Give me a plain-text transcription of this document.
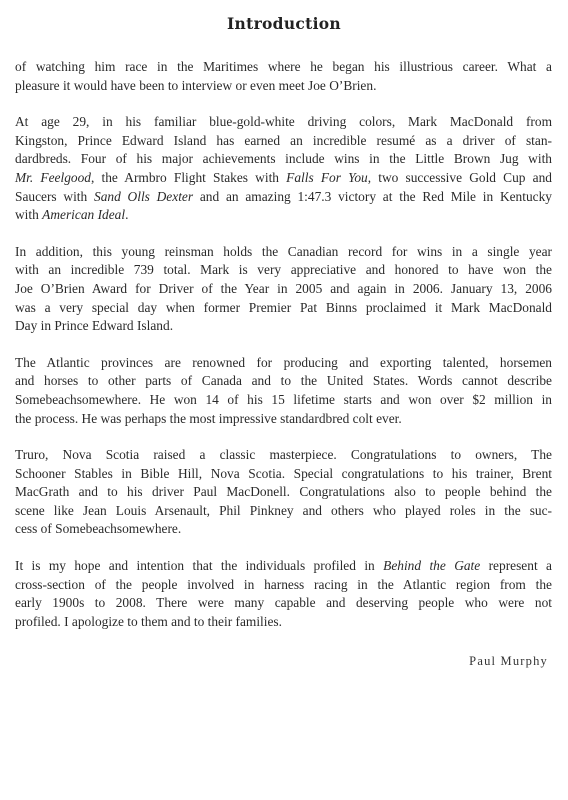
Introduction

of watching him race in the Maritimes where he began his illustrious career. What a
pleasure it would have been to interview or even meet Joe O’Brien.

At age 29, in his familiar blue-gold-white driving colors, Mark MacDonald from
Kingston, Prince Edward Island has earned an incredible resumé as a driver of stan-
dardbreds. Four of his major achievements include wins in the Little Brown Jug with
Mr. Feelgood, the Armbro Flight Stakes with Falls For You, two successive Gold Cup and
Saucers with Sand Olls Dexter and an amazing 1:47.3 victory at the Red Mile in Kentucky
with American Ideal.

In addition, this young reinsman holds the Canadian record for wins in a single year
with an incredible 739 total. Mark is very appreciative and honored to have won the
Joe O’Brien Award for Driver of the Year in 2005 and again in 2006. January 13, 2006
was a very special day when former Premier Pat Binns proclaimed it Mark MacDonald
Day in Prince Edward Island.

The Atlantic provinces are renowned for producing and exporting talented, horsemen
and horses to other parts of Canada and to the United States. Words cannot describe
Somebeachsomewhere. He won 14 of his 15 lifetime starts and won over $2 million in
the process. He was perhaps the most impressive standardbred colt ever.

Truro, Nova Scotia raised a classic masterpiece. Congratulations to owners, The
Schooner Stables in Bible Hill, Nova Scotia. Special congratulations to his trainer, Brent
MacGrath and to his driver Paul MacDonell. Congratulations also to people behind the
scene like Jean Louis Arsenault, Phil Pinkney and others who played roles in the suc-
cess of Somebeachsomewhere.

It is my hope and intention that the individuals profiled in Behind the Gate represent a
cross-section of the people involved in harness racing in the Atlantic region from the
early 1900s to 2008. There were many capable and deserving people who were not
profiled. I apologize to them and to their families.

Paul Murphy
